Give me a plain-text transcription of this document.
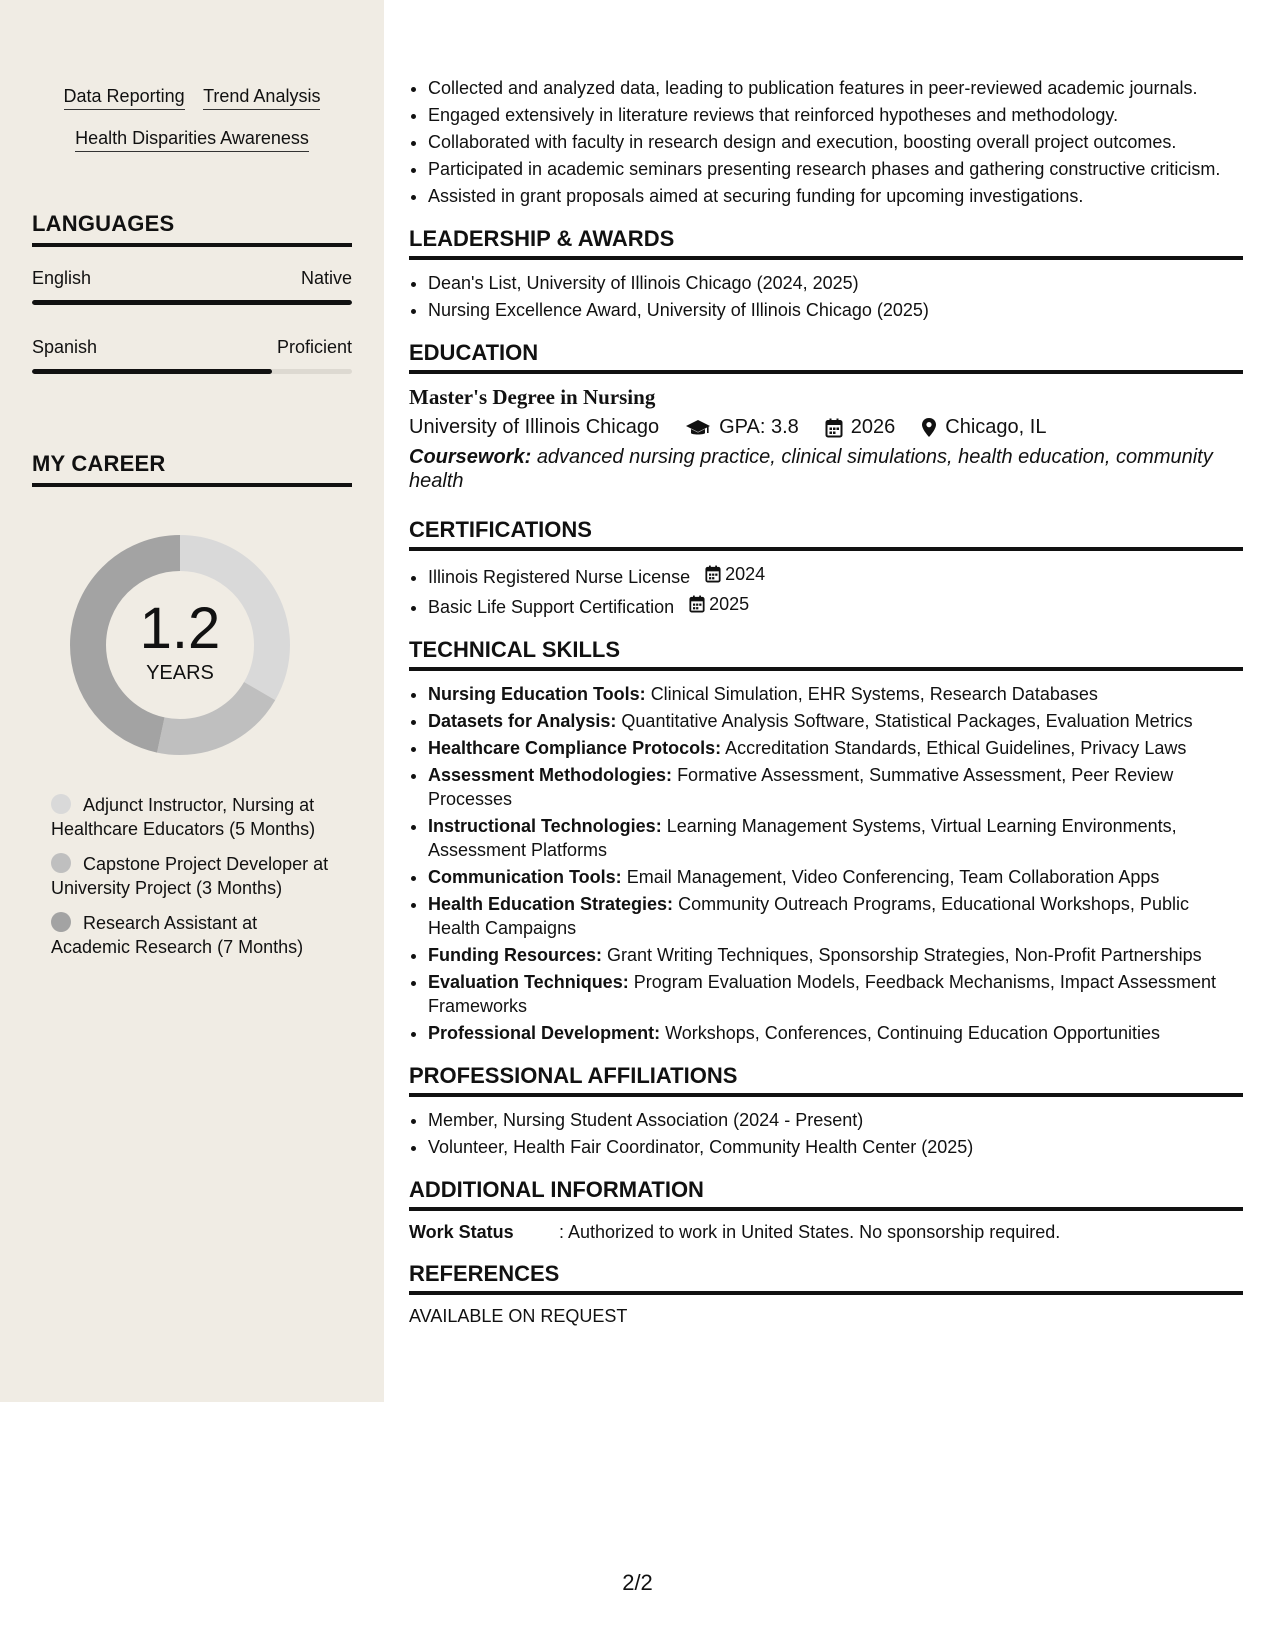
Data Reporting Trend Analysis
Health Disparities Awareness
LANGUAGES
English	Native
Spanish	Proficient
MY CAREER
1.2
YEARS
Adjunct Instructor, Nursing at Healthcare Educators (5 Months)
Capstone Project Developer at University Project (3 Months)
Research Assistant at Academic Research (7 Months)
• Collected and analyzed data, leading to publication features in peer-reviewed academic journals.
• Engaged extensively in literature reviews that reinforced hypotheses and methodology.
• Collaborated with faculty in research design and execution, boosting overall project outcomes.
• Participated in academic seminars presenting research phases and gathering constructive criticism.
• Assisted in grant proposals aimed at securing funding for upcoming investigations.
LEADERSHIP & AWARDS
• Dean's List, University of Illinois Chicago (2024, 2025)
• Nursing Excellence Award, University of Illinois Chicago (2025)
EDUCATION
Master's Degree in Nursing
University of Illinois Chicago	GPA: 3.8	2026	Chicago, IL
Coursework: advanced nursing practice, clinical simulations, health education, community health
CERTIFICATIONS
• Illinois Registered Nurse License 2024
• Basic Life Support Certification 2025
TECHNICAL SKILLS
• Nursing Education Tools: Clinical Simulation, EHR Systems, Research Databases
• Datasets for Analysis: Quantitative Analysis Software, Statistical Packages, Evaluation Metrics
• Healthcare Compliance Protocols: Accreditation Standards, Ethical Guidelines, Privacy Laws
• Assessment Methodologies: Formative Assessment, Summative Assessment, Peer Review Processes
• Instructional Technologies: Learning Management Systems, Virtual Learning Environments, Assessment Platforms
• Communication Tools: Email Management, Video Conferencing, Team Collaboration Apps
• Health Education Strategies: Community Outreach Programs, Educational Workshops, Public Health Campaigns
• Funding Resources: Grant Writing Techniques, Sponsorship Strategies, Non-Profit Partnerships
• Evaluation Techniques: Program Evaluation Models, Feedback Mechanisms, Impact Assessment Frameworks
• Professional Development: Workshops, Conferences, Continuing Education Opportunities
PROFESSIONAL AFFILIATIONS
• Member, Nursing Student Association (2024 - Present)
• Volunteer, Health Fair Coordinator, Community Health Center (2025)
ADDITIONAL INFORMATION
Work Status	: Authorized to work in United States. No sponsorship required.
REFERENCES
AVAILABLE ON REQUEST
2/2
